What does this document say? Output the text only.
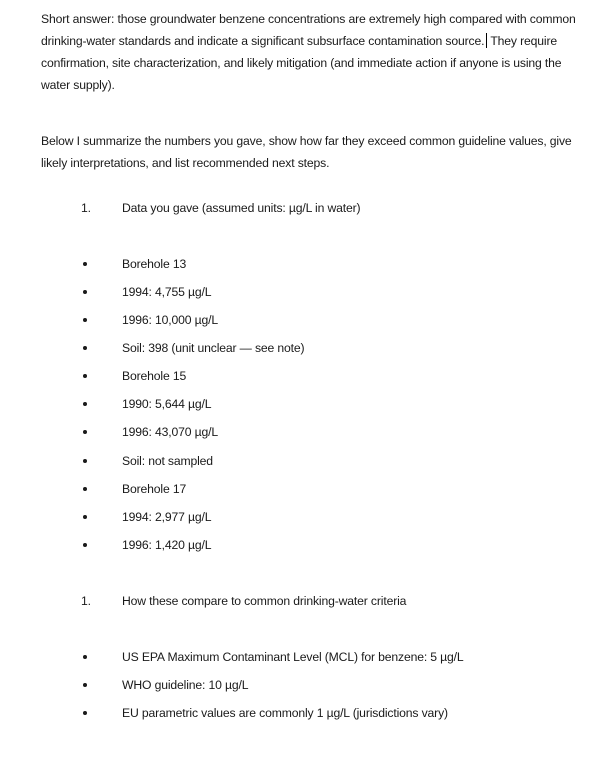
Short answer: those groundwater benzene concentrations are extremely high compared with common drinking-water standards and indicate a significant subsurface contamination source. They require confirmation, site characterization, and likely mitigation (and immediate action if anyone is using the water supply).
Below I summarize the numbers you gave, show how far they exceed common guideline values, give likely interpretations, and list recommended next steps.
1.	Data you gave (assumed units: µg/L in water)
Borehole 13
1994: 4,755 µg/L
1996: 10,000 µg/L
Soil: 398 (unit unclear — see note)
Borehole 15
1990: 5,644 µg/L
1996: 43,070 µg/L
Soil: not sampled
Borehole 17
1994: 2,977 µg/L
1996: 1,420 µg/L
1.	How these compare to common drinking-water criteria
US EPA Maximum Contaminant Level (MCL) for benzene: 5 µg/L
WHO guideline: 10 µg/L
EU parametric values are commonly 1 µg/L (jurisdictions vary)
